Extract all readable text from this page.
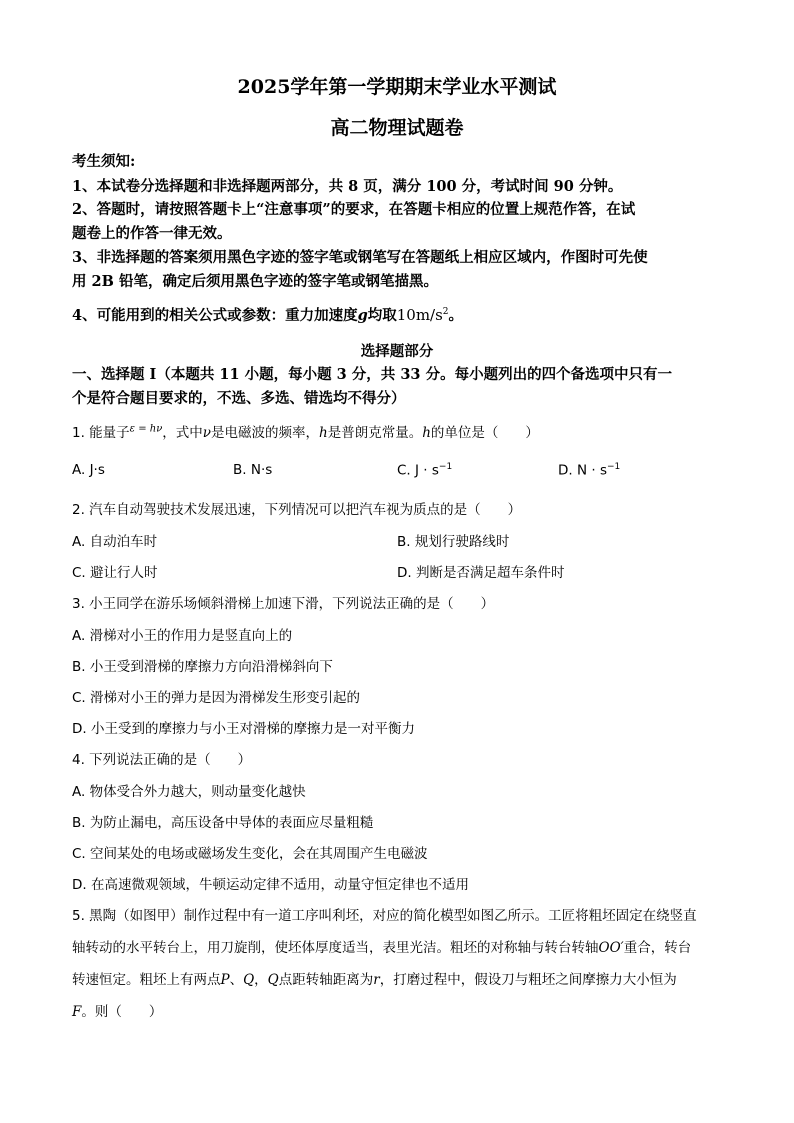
2025学年第一学期期末学业水平测试
高二物理试题卷
考生须知:
1、本试卷分选择题和非选择题两部分，共 8 页，满分 100 分，考试时间 90 分钟。
2、答题时，请按照答题卡上“注意事项”的要求，在答题卡相应的位置上规范作答，在试
题卷上的作答一律无效。
3、非选择题的答案须用黑色字迹的签字笔或钢笔写在答题纸上相应区域内，作图时可先使
用 2B 铅笔，确定后须用黑色字迹的签字笔或钢笔描黑。
4、可能用到的相关公式或参数：重力加速度g均取$10m/s^2$。
选择题部分
一、选择题 I（本题共 11 小题，每小题 3 分，共 33 分。每小题列出的四个备选项中只有一
个是符合题目要求的，不选、多选、错选均不得分）
1. 能量子$^{\varepsilon = h\nu}$，式中ν是电磁波的频率，h是普朗克常量。h的单位是（　　）
A. J·s	B. N·s	C. $J \cdot s^{-1}$	D. $N \cdot s^{-1}$
2. 汽车自动驾驶技术发展迅速，下列情况可以把汽车视为质点的是（　　）
A. 自动泊车时	B. 规划行驶路线时
C. 避让行人时	D. 判断是否满足超车条件时
3. 小王同学在游乐场倾斜滑梯上加速下滑，下列说法正确的是（　　）
A. 滑梯对小王的作用力是竖直向上的
B. 小王受到滑梯的摩擦力方向沿滑梯斜向下
C. 滑梯对小王的弹力是因为滑梯发生形变引起的
D. 小王受到的摩擦力与小王对滑梯的摩擦力是一对平衡力
4. 下列说法正确的是（　　）
A. 物体受合外力越大，则动量变化越快
B. 为防止漏电，高压设备中导体的表面应尽量粗糙
C. 空间某处的电场或磁场发生变化，会在其周围产生电磁波
D. 在高速微观领域，牛顿运动定律不适用，动量守恒定律也不适用
5. 黑陶（如图甲）制作过程中有一道工序叫利坯，对应的简化模型如图乙所示。工匠将粗坯固定在绕竖直
轴转动的水平转台上，用刀旋削，使坯体厚度适当，表里光洁。粗坯的对称轴与转台转轴OO′重合，转台
转速恒定。粗坯上有两点P、Q，Q点距转轴距离为r，打磨过程中，假设刀与粗坯之间摩擦力大小恒为
F。则（　　）
